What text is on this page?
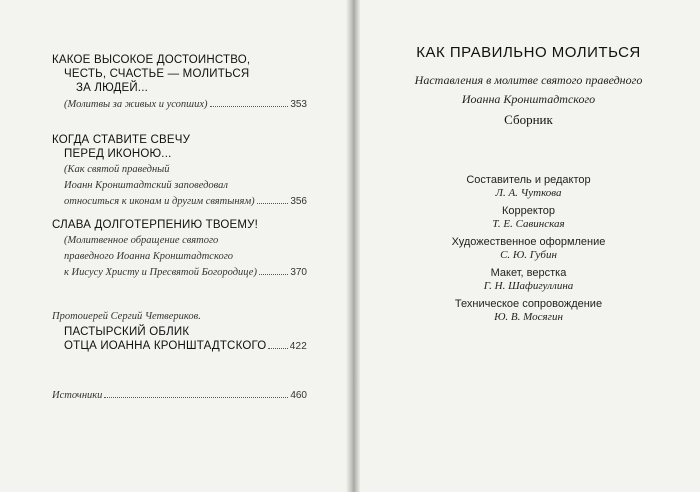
КАКОЕ ВЫСОКОЕ ДОСТОИНСТВО,
ЧЕСТЬ, СЧАСТЬЕ — МОЛИТЬСЯ
ЗА ЛЮДЕЙ...
(Молитвы за живых и усопших)	353
КОГДА СТАВИТЕ СВЕЧУ
ПЕРЕД ИКОНОЮ...
(Как святой праведный
Иоанн Кронштадтский заповедовал
относиться к иконам и другим святыням)	356
СЛАВА ДОЛГОТЕРПЕНИЮ ТВОЕМУ!
(Молитвенное обращение святого
праведного Иоанна Кронштадтского
к Иисусу Христу и Пресвятой Богородице)	370
Протоиерей Сергий Четвериков.
ПАСТЫРСКИЙ ОБЛИК
ОТЦА ИОАННА КРОНШТАДТСКОГО 422
Источники	460
КАК ПРАВИЛЬНО МОЛИТЬСЯ
Наставления в молитве святого праведного
Иоанна Кронштадтского
Сборник
Составитель и редактор
Л. А. Чуткова
Корректор
Т. Е. Савинская
Художественное оформление
С. Ю. Губин
Макет, верстка
Г. Н. Шафигуллина
Техническое сопровождение
Ю. В. Мосягин
